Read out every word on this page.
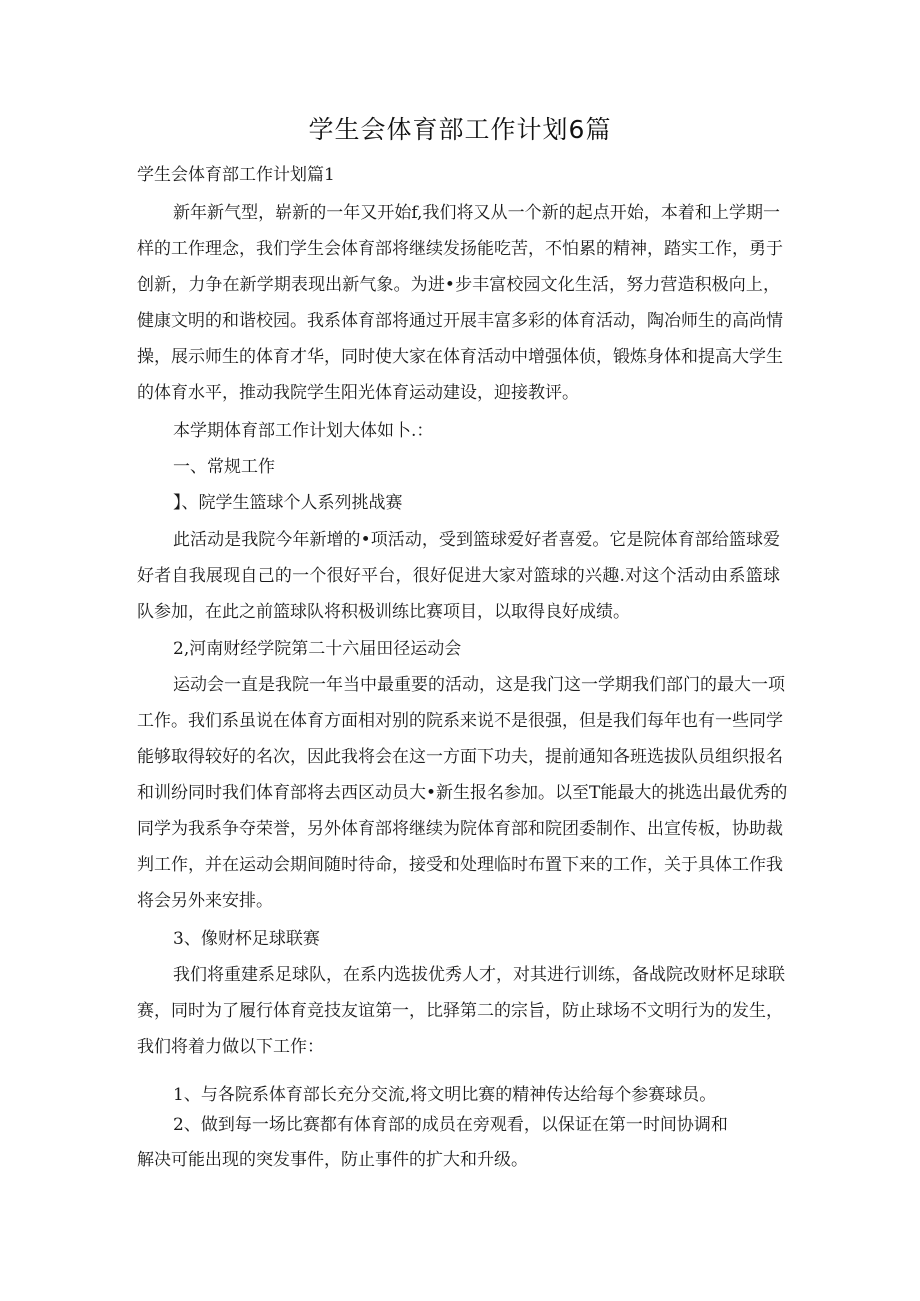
学生会体育部工作计划6篇
学生会体育部工作计划篇1
新年新气型，崭新的一年又开始f,我们将又从一个新的起点开始，本着和上学期一
样的工作理念，我们学生会体育部将继续发扬能吃苦，不怕累的精神，踏实工作，勇于
创新，力争在新学期表现出新气象。为进•步丰富校园文化生活，努力营造积极向上，
健康文明的和谐校园。我系体育部将通过开展丰富多彩的体育活动，陶冶师生的高尚情
操，展示师生的体育才华，同时使大家在体育活动中增强体侦，锻炼身体和提高大学生
的体育水平，推动我院学生阳光体育运动建设，迎接教评。
本学期体育部工作计划大体如卜.：
一、常规工作
】、院学生篮球个人系列挑战赛
此活动是我院今年新增的•项活动，受到篮球爱好者喜爱。它是院体育部给篮球爱
好者自我展现自己的一个很好平台，很好促进大家对篮球的兴趣.对这个活动由系篮球
队参加，在此之前篮球队将积极训练比赛项目，以取得良好成绩。
2,河南财经学院第二十六届田径运动会
运动会一直是我院一年当中最重要的活动，这是我门这一学期我们部门的最大一项
工作。我们系虽说在体育方面相对别的院系来说不是很强，但是我们每年也有一些同学
能够取得较好的名次，因此我将会在这一方面下功夫，提前通知各班选拔队员组织报名
和训纷同时我们体育部将去西区动员大•新生报名参加。以至T能最大的挑选出最优秀的
同学为我系争夺荣誉，另外体育部将继续为院体育部和院团委制作、出宣传板，协助裁
判工作，并在运动会期间随时待命，接受和处理临时布置下来的工作，关于具体工作我
将会另外来安排。
3、像财杯足球联赛
我们将重建系足球队，在系内选拔优秀人才，对其进行训练，备战院改财杯足球联
赛，同时为了履行体育竞技友谊第一，比驿第二的宗旨，防止球场不文明行为的发生，
我们将着力做以下工作：
1、与各院系体育部长充分交流,将文明比赛的精神传达给每个参赛球员。
2、做到每一场比赛都有体育部的成员在旁观看，以保证在第一时间协调和
解决可能出现的突发事件，防止事件的扩大和升级。
